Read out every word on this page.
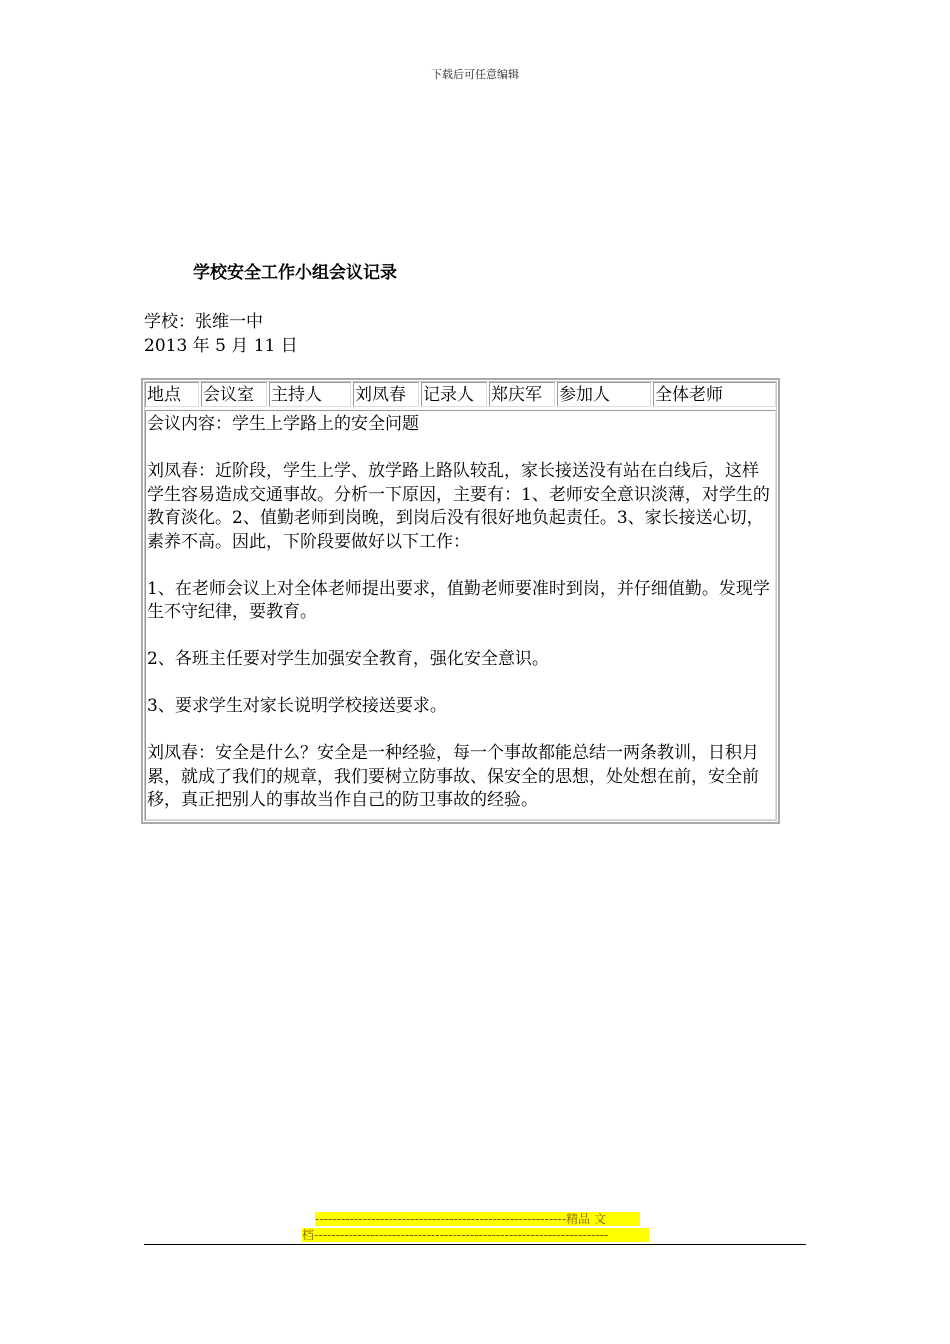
下载后可任意编辑
学校安全工作小组会议记录
学校：张维一中
2013 年 5 月 11 日
地点	会议室	主持人	刘凤春	记录人	郑庆军	参加人	全体老师

会议内容：学生上学路上的安全问题

刘凤春：近阶段，学生上学、放学路上路队较乱，家长接送没有站在白线后，这样学生容易造成交通事故。分析一下原因，主要有：1、老师安全意识淡薄，对学生的教育淡化。2、值勤老师到岗晚，到岗后没有很好地负起责任。3、家长接送心切，素养不高。因此，下阶段要做好以下工作：

1、在老师会议上对全体老师提出要求，值勤老师要准时到岗，并仔细值勤。发现学生不守纪律，要教育。

2、各班主任要对学生加强安全教育，强化安全意识。

3、要求学生对家长说明学校接送要求。

刘凤春：安全是什么？安全是一种经验，每一个事故都能总结一两条教训，日积月累，就成了我们的规章，我们要树立防事故、保安全的思想，处处想在前，安全前移，真正把别人的事故当作自己的防卫事故的经验。

----------------------------------------------------------精品 文
档--------------------------------------------------------------------
